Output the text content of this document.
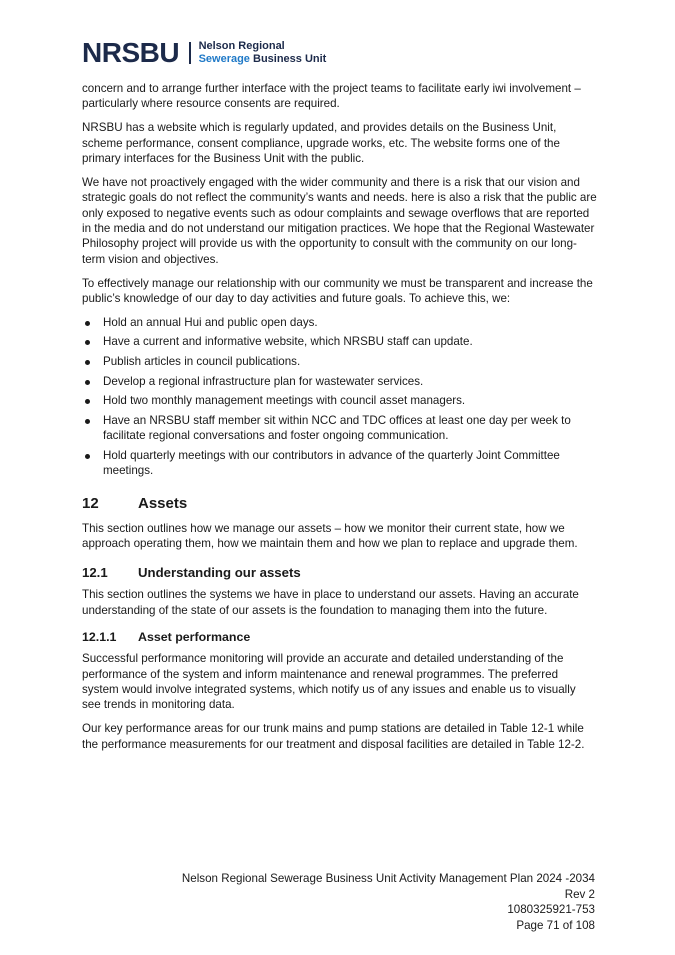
NRSBU Nelson Regional
Sewerage Business Unit

concern and to arrange further interface with the project teams to facilitate early iwi involvement – particularly where resource consents are required.

NRSBU has a website which is regularly updated, and provides details on the Business Unit, scheme performance, consent compliance, upgrade works, etc. The website forms one of the primary interfaces for the Business Unit with the public.

We have not proactively engaged with the wider community and there is a risk that our vision and strategic goals do not reflect the community’s wants and needs. here is also a risk that the public are only exposed to negative events such as odour complaints and sewage overflows that are reported in the media and do not understand our mitigation practices. We hope that the Regional Wastewater Philosophy project will provide us with the opportunity to consult with the community on our long-term vision and objectives.

To effectively manage our relationship with our community we must be transparent and increase the public’s knowledge of our day to day activities and future goals. To achieve this, we:

Hold an annual Hui and public open days.
Have a current and informative website, which NRSBU staff can update.
Publish articles in council publications.
Develop a regional infrastructure plan for wastewater services.
Hold two monthly management meetings with council asset managers.
Have an NRSBU staff member sit within NCC and TDC offices at least one day per week to facilitate regional conversations and foster ongoing communication.
Hold quarterly meetings with our contributors in advance of the quarterly Joint Committee meetings.
12	Assets

This section outlines how we manage our assets – how we monitor their current state, how we approach operating them, how we maintain them and how we plan to replace and upgrade them.

12.1	Understanding our assets

This section outlines the systems we have in place to understand our assets. Having an accurate understanding of the state of our assets is the foundation to managing them into the future.

12.1.1	Asset performance

Successful performance monitoring will provide an accurate and detailed understanding of the performance of the system and inform maintenance and renewal programmes. The preferred system would involve integrated systems, which notify us of any issues and enable us to visually see trends in monitoring data.

Our key performance areas for our trunk mains and pump stations are detailed in Table 12-1 while the performance measurements for our treatment and disposal facilities are detailed in Table 12-2.

Nelson Regional Sewerage Business Unit Activity Management Plan 2024 -2034
Rev 2
1080325921-753
Page 71 of 108
